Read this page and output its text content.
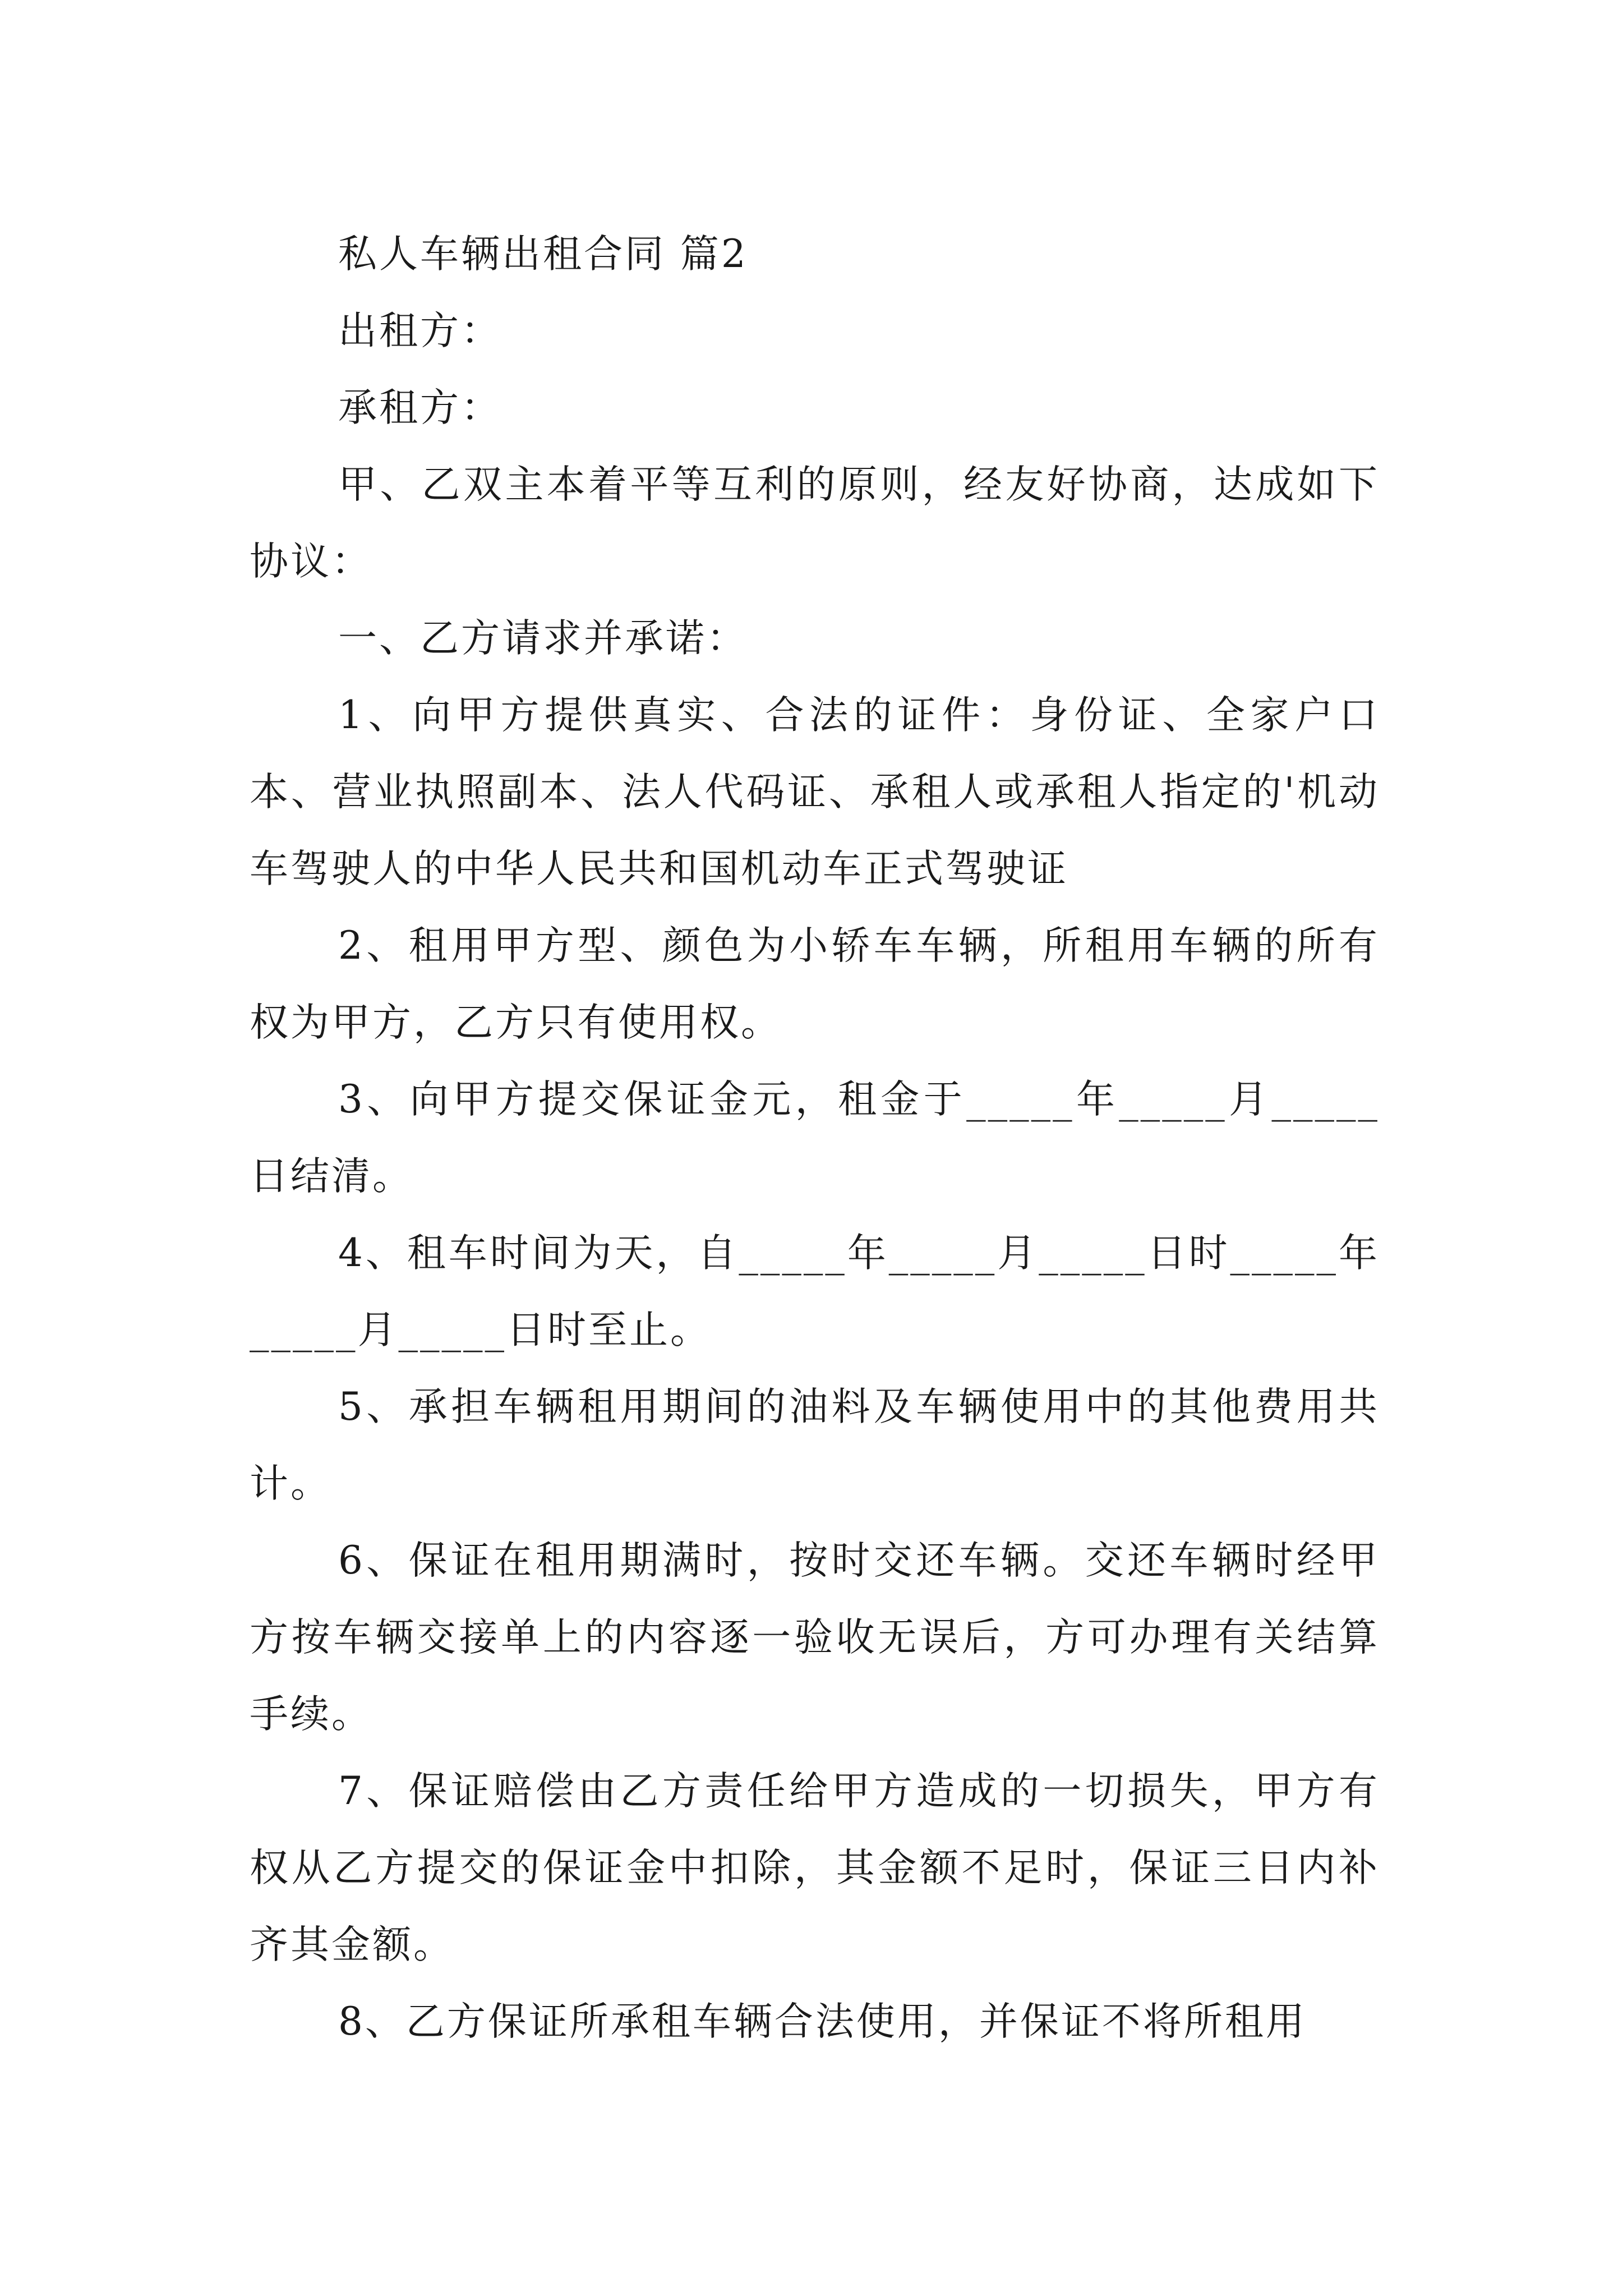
私人车辆出租合同 篇2

出租方：

承租方：

甲、乙双主本着平等互利的原则，经友好协商，达成如下协议：

一、乙方请求并承诺：

1、向甲方提供真实、合法的证件：身份证、全家户口本、营业执照副本、法人代码证、承租人或承租人指定的'机动车驾驶人的中华人民共和国机动车正式驾驶证

2、租用甲方型、颜色为小轿车车辆，所租用车辆的所有权为甲方，乙方只有使用权。

3、向甲方提交保证金元，租金于_____年_____月_____日结清。

4、租车时间为天，自_____年_____月_____日时_____年_____月_____日时至止。

5、承担车辆租用期间的油料及车辆使用中的其他费用共计。

6、保证在租用期满时，按时交还车辆。交还车辆时经甲方按车辆交接单上的内容逐一验收无误后，方可办理有关结算手续。

7、保证赔偿由乙方责任给甲方造成的一切损失，甲方有权从乙方提交的保证金中扣除，其金额不足时，保证三日内补齐其金额。

8、乙方保证所承租车辆合法使用，并保证不将所租用
